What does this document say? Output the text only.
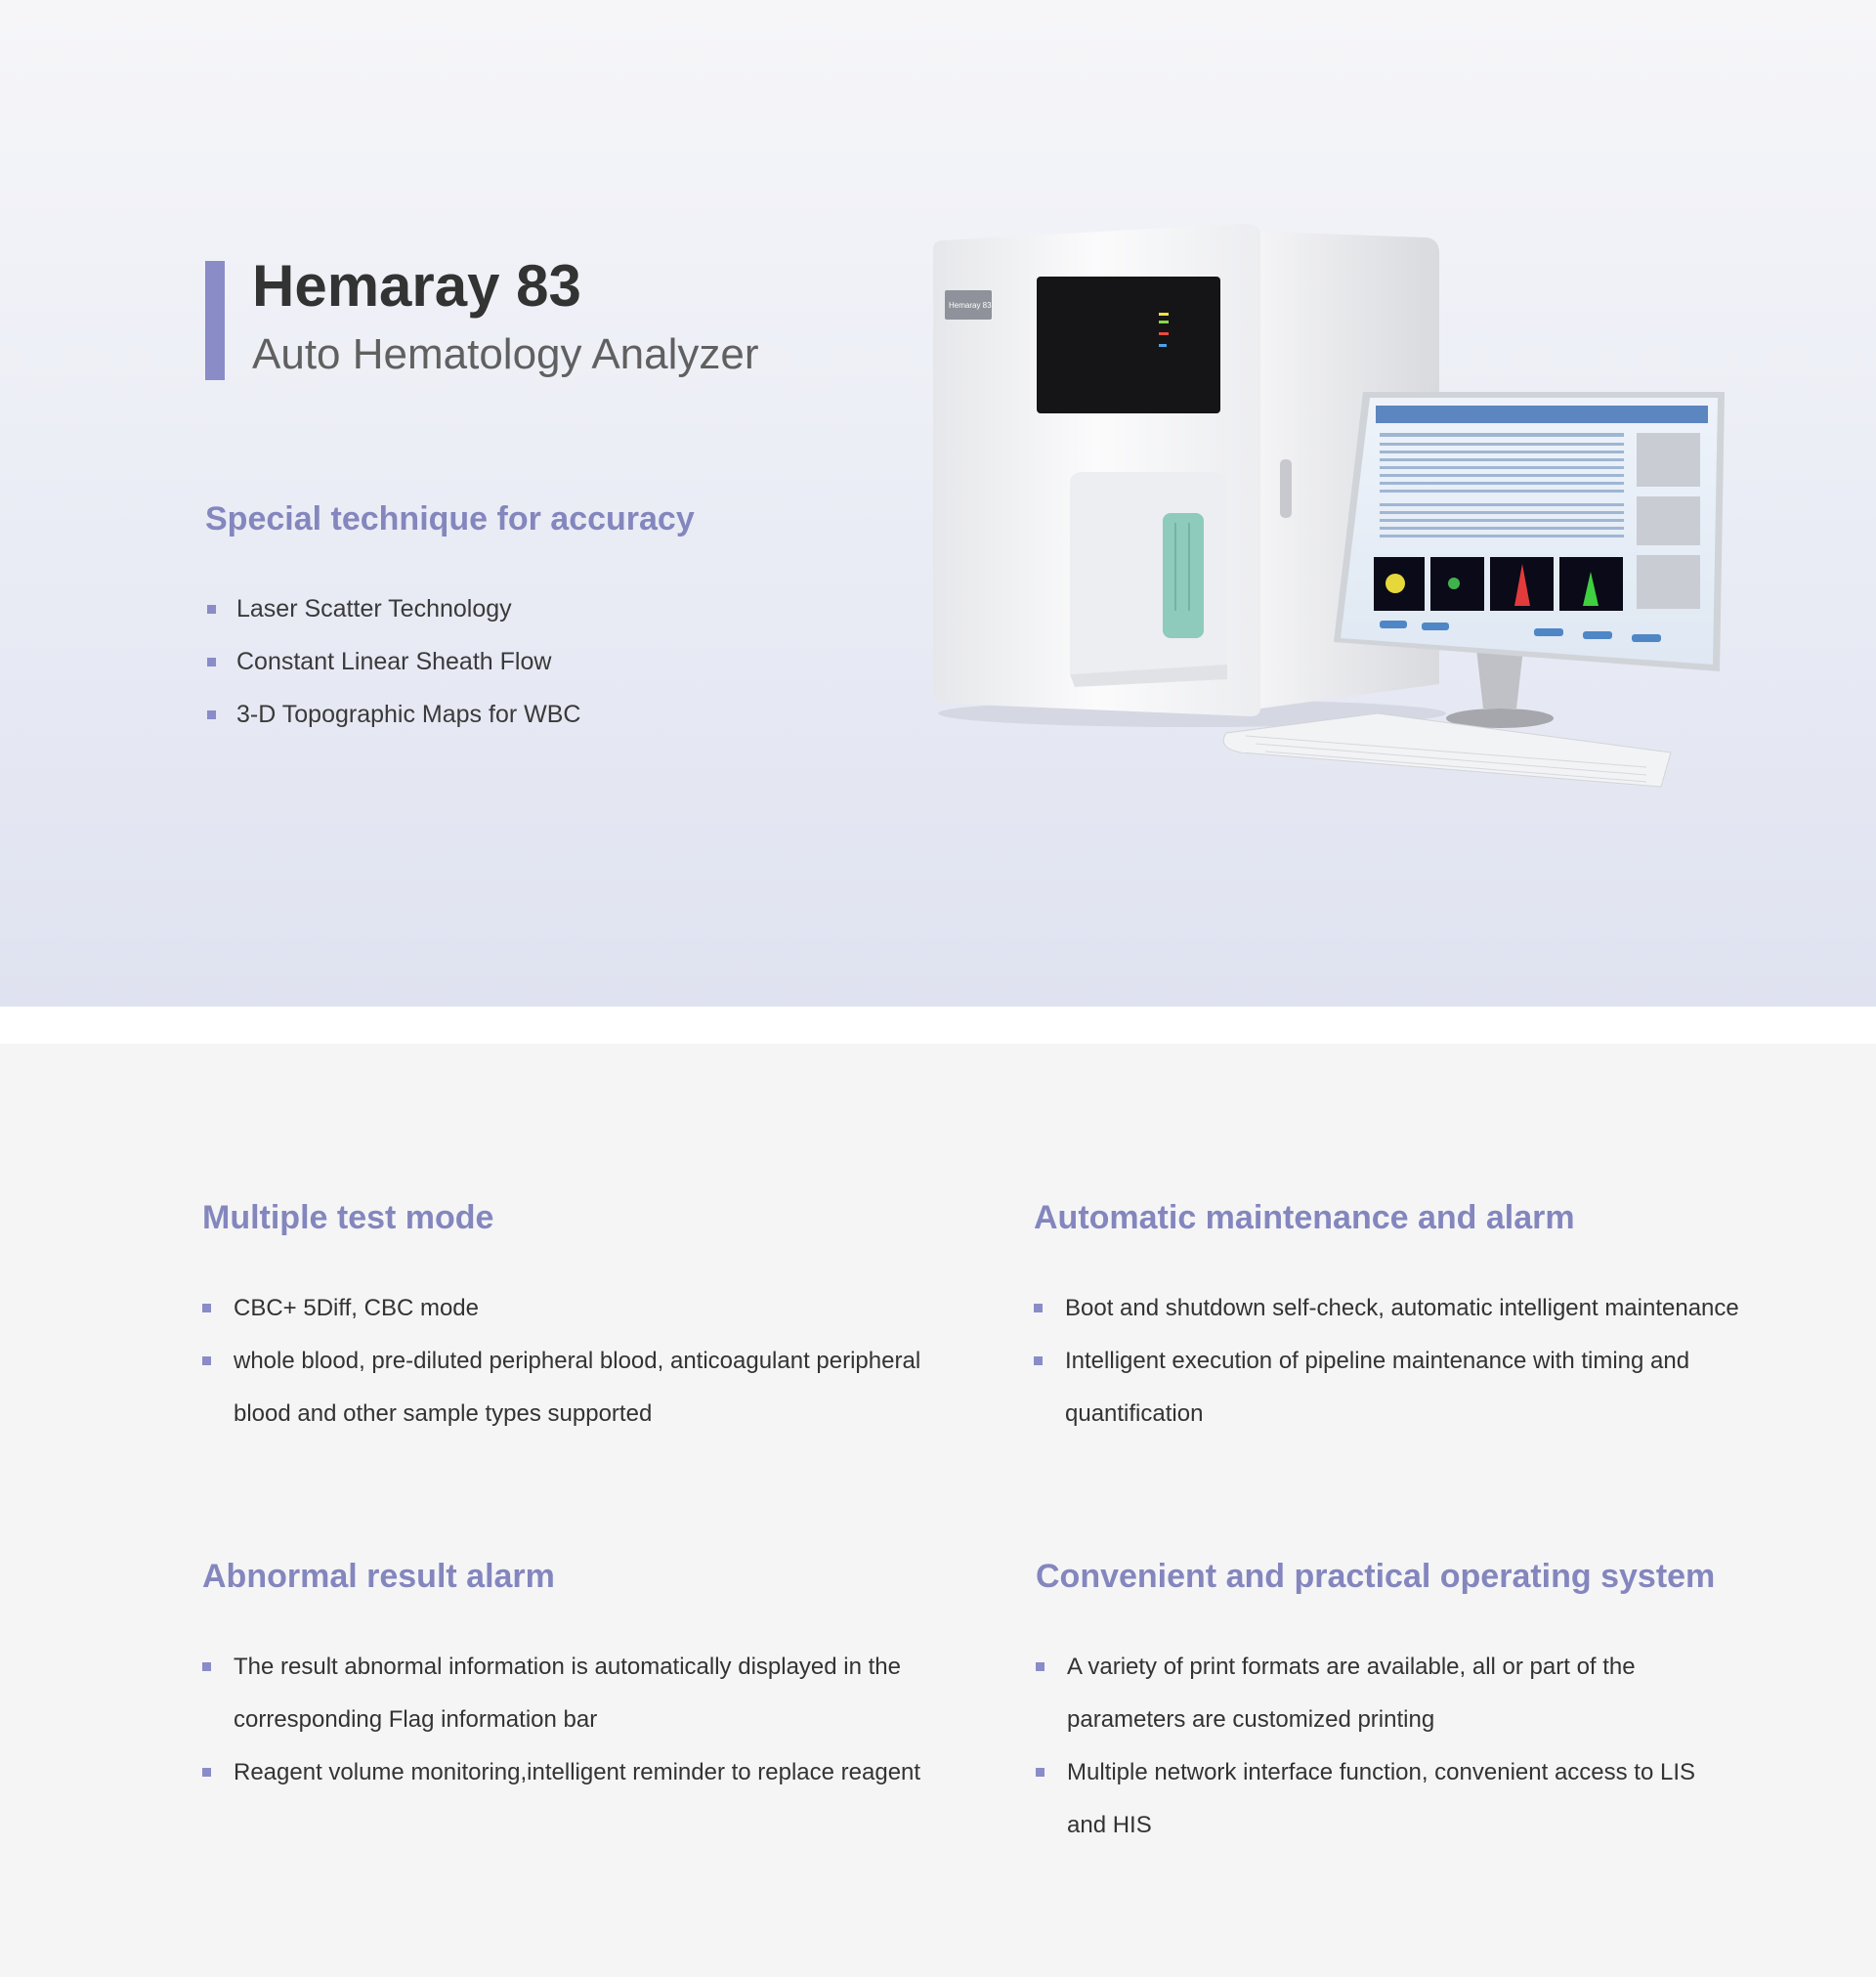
Hemaray 83
Auto Hematology Analyzer
Special technique for accuracy
Laser Scatter Technology
Constant Linear Sheath Flow
3-D Topographic Maps for WBC
Hemaray 83
Multiple test mode
CBC+ 5Diff, CBC mode
whole blood, pre-diluted peripheral blood, anticoagulant peripheral blood and other sample types supported
Automatic maintenance and alarm
Boot and shutdown self-check, automatic intelligent maintenance
Intelligent execution of pipeline maintenance with timing and quantification
Abnormal result alarm
The result abnormal information is automatically displayed in the corresponding Flag information bar
Reagent volume monitoring,intelligent reminder to replace reagent
Convenient and practical operating system
A variety of print formats are available, all or part of the parameters are customized printing
Multiple network interface function, convenient access to LIS and HIS
